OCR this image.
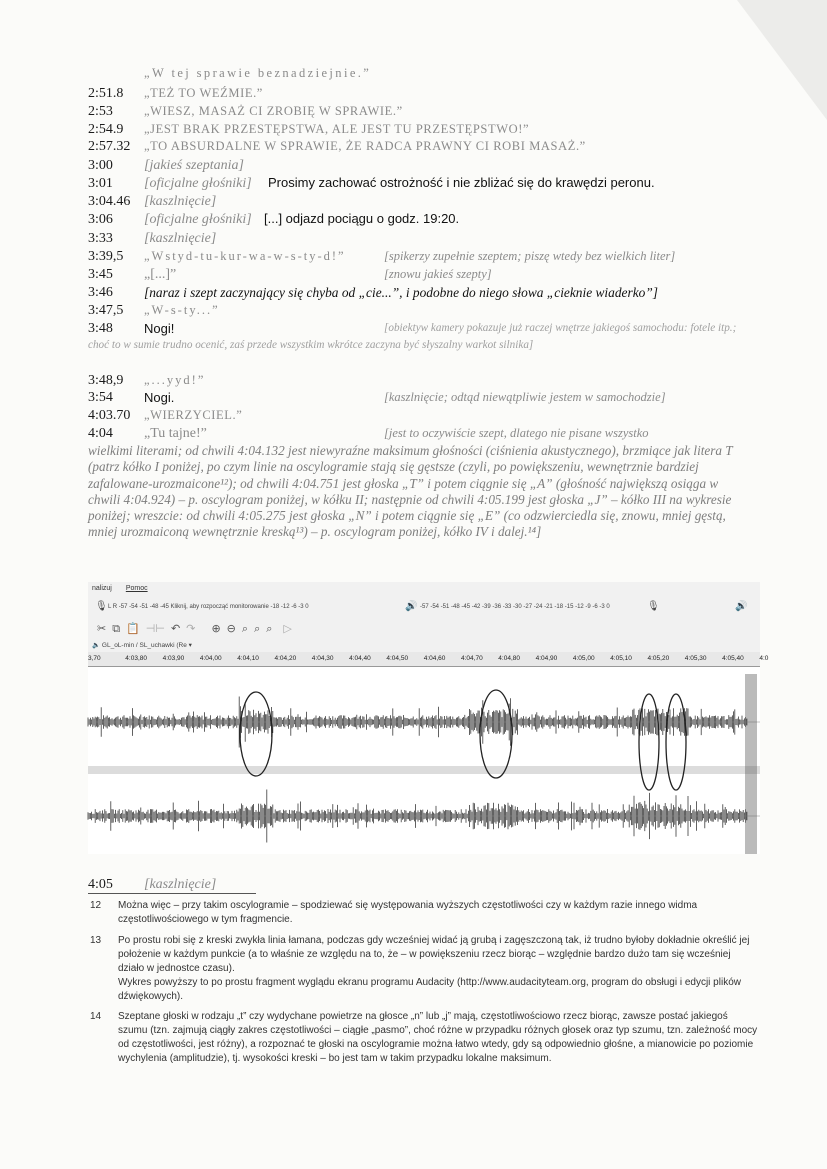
„W tej sprawie beznadziejnie.”
2:51.8 „TEŻ TO WEŹMIE.”
2:53 „WIESZ, MASAŻ CI ZROBIĘ W SPRAWIE.”
2:54.9 „JEST BRAK PRZESTĘPSTWA, ALE JEST TU PRZESTĘPSTWO!”
2:57.32 „TO ABSURDALNE W SPRAWIE, ŻE RADCA PRAWNY CI ROBI MASAŻ.”
3:00 [jakieś szeptania]
3:01 [oficjalne głośniki] Prosimy zachować ostrożność i nie zbliżać się do krawędzi peronu.
3:04.46 [kaszlnięcie]
3:06 [oficjalne głośniki] [...] odjazd pociągu o godz. 19:20.
3:33 [kaszlnięcie]
3:39,5 „Wstyd-tu-kur-wa-w-s-ty-d!”	[spikerzy zupełnie szeptem; piszę wtedy bez wielkich liter]
3:45 „[...]”	[znowu jakieś szepty]
3:46 [naraz i szept zaczynający się chyba od „cie...”, i podobne do niego słowa „cieknie wiaderko”]
3:47,5 „W-s-ty...”
3:48 Nogi!	[obiektyw kamery pokazuje już raczej wnętrze jakiegoś samochodu: fotele itp.; choć to w sumie trudno ocenić, zaś przede wszystkim wkrótce zaczyna być słyszalny warkot silnika]
3:48,9 „...yyd!”
3:54 Nogi.	[kaszlnięcie; odtąd niewątpliwie jestem w samochodzie]
4:03.70 „WIERZYCIEL.”
4:04 „Tu tajne!”	[jest to oczywiście szept, dlatego nie pisane wszystko
wielkimi literami; od chwili 4:04.132 jest niewyraźne maksimum głośności (ciśnienia akustycznego), brzmiące jak litera T (patrz kółko I poniżej, po czym linie na oscylogramie stają się gęstsze (czyli, po powiększeniu, wewnętrznie bardziej zafalowane-urozmaicone¹²); od chwili 4:04.751 jest głoska „T” i potem ciągnie się „A” (głośność największą osiąga w chwili 4:04.924) – p. oscylogram poniżej, w kółku II; następnie od chwili 4:05.199 jest głoska „J” – kółko III na wykresie poniżej; wreszcie: od chwili 4:05.275 jest głoska „N” i potem ciągnie się „E” (co odzwierciedla się, znowu, mniej gęstą, mniej urozmaiconą wewnętrznie kreską¹³) – p. oscylogram poniżej, kółko IV i dalej.¹⁴]
nalizuj Pomoc
🎙 L R -57 -54 -51 -48 -45 Kliknij, aby rozpocząć monitorowanie -18 -12 -6 -3 0	🔊 -57 -54 -51 -48 -45 -42 -39 -36 -33 -30 -27 -24 -21 -18 -15 -12 -9 -6 -3 0	🎙	🔊
✂ ⧉ 📋 ⊣⊢ ↶ ↷ ⊕ ⊖ ⌕ ⌕ ⌕ ▷
🔈 GL_oL-min / SL_uchawki (Re ▾
3,70	4:03,80 4:03,90 4:04,00 4:04,10 4:04,20 4:04,30 4:04,40 4:04,50 4:04,60 4:04,70 4:04,80 4:04,90 4:05,00 4:05,10 4:05,20 4:05,30 4:05,40 4:0
4:05 [kaszlnięcie]
12 Można więc – przy takim oscylogramie – spodziewać się występowania wyższych częstotliwości czy w każdym razie innego widma częstotliwościowego w tym fragmencie.
13 Po prostu robi się z kreski zwykła linia łamana, podczas gdy wcześniej widać ją grubą i zagęszczoną tak, iż trudno byłoby dokładnie określić jej położenie w każdym punkcie (a to właśnie ze względu na to, że – w powiększeniu rzecz biorąc – względnie bardzo dużo tam się wcześniej działo w jednostce czasu).
Wykres powyższy to po prostu fragment wyglądu ekranu programu Audacity (http://www.audacityteam.org, program do obsługi i edycji plików dźwiękowych).
14 Szeptane głoski w rodzaju „t” czy wydychane powietrze na głosce „n” lub „j” mają, częstotliwościowo rzecz biorąc, zawsze postać jakiegoś szumu (tzn. zajmują ciągły zakres częstotliwości – ciągłe „pasmo”, choć różne w przypadku różnych głosek oraz typ szumu, tzn. zależność mocy od częstotliwości, jest różny), a rozpoznać te głoski na oscylogramie można łatwo wtedy, gdy są odpowiednio głośne, a mianowicie po poziomie wychylenia (amplitudzie), tj. wysokości kreski – bo jest tam w takim przypadku lokalne maksimum.
